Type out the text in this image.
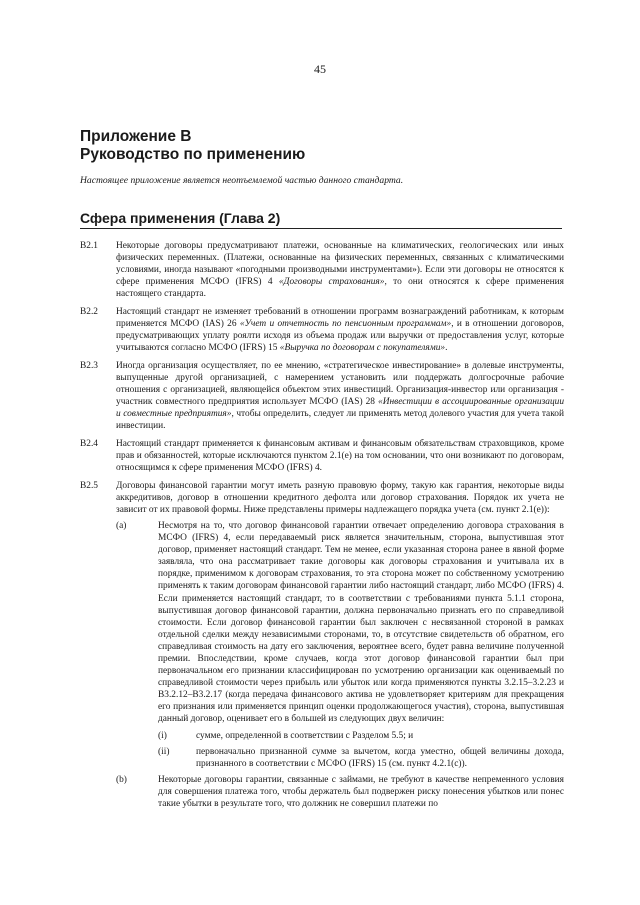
45
Приложение В
Руководство по применению
Настоящее приложение является неотъемлемой частью данного стандарта.
Сфера применения (Глава 2)
B2.1	Некоторые договоры предусматривают платежи, основанные на климатических, геологических или иных физических переменных. (Платежи, основанные на физических переменных, связанных с климатическими условиями, иногда называют «погодными производными инструментами»). Если эти договоры не относятся к сфере применения МСФО (IFRS) 4 «Договоры страхования», то они относятся к сфере применения настоящего стандарта.
B2.2	Настоящий стандарт не изменяет требований в отношении программ вознаграждений работникам, к которым применяется МСФО (IAS) 26 «Учет и отчетность по пенсионным программам», и в отношении договоров, предусматривающих уплату роялти исходя из объема продаж или выручки от предоставления услуг, которые учитываются согласно МСФО (IFRS) 15 «Выручка по договорам с покупателями».
B2.3	Иногда организация осуществляет, по ее мнению, «стратегическое инвестирование» в долевые инструменты, выпущенные другой организацией, с намерением установить или поддержать долгосрочные рабочие отношения с организацией, являющейся объектом этих инвестиций. Организация-инвестор или организация - участник совместного предприятия использует МСФО (IAS) 28 «Инвестиции в ассоциированные организации и совместные предприятия», чтобы определить, следует ли применять метод долевого участия для учета такой инвестиции.
B2.4	Настоящий стандарт применяется к финансовым активам и финансовым обязательствам страховщиков, кроме прав и обязанностей, которые исключаются пунктом 2.1(е) на том основании, что они возникают по договорам, относящимся к сфере применения МСФО (IFRS) 4.
B2.5	Договоры финансовой гарантии могут иметь разную правовую форму, такую как гарантия, некоторые виды аккредитивов, договор в отношении кредитного дефолта или договор страхования. Порядок их учета не зависит от их правовой формы. Ниже представлены примеры надлежащего порядка учета (см. пункт 2.1(е)):
(a)	Несмотря на то, что договор финансовой гарантии отвечает определению договора страхования в МСФО (IFRS) 4, если передаваемый риск является значительным, сторона, выпустившая этот договор, применяет настоящий стандарт. Тем не менее, если указанная сторона ранее в явной форме заявляла, что она рассматривает такие договоры как договоры страхования и учитывала их в порядке, применимом к договорам страхования, то эта сторона может по собственному усмотрению применять к таким договорам финансовой гарантии либо настоящий стандарт, либо МСФО (IFRS) 4. Если применяется настоящий стандарт, то в соответствии с требованиями пункта 5.1.1 сторона, выпустившая договор финансовой гарантии, должна первоначально признать его по справедливой стоимости. Если договор финансовой гарантии был заключен с несвязанной стороной в рамках отдельной сделки между независимыми сторонами, то, в отсутствие свидетельств об обратном, его справедливая стоимость на дату его заключения, вероятнее всего, будет равна величине полученной премии. Впоследствии, кроме случаев, когда этот договор финансовой гарантии был при первоначальном его признании классифицирован по усмотрению организации как оцениваемый по справедливой стоимости через прибыль или убыток или когда применяются пункты 3.2.15–3.2.23 и B3.2.12–B3.2.17 (когда передача финансового актива не удовлетворяет критериям для прекращения его признания или применяется принцип оценки продолжающегося участия), сторона, выпустившая данный договор, оценивает его в большей из следующих двух величин:
(i)	сумме, определенной в соответствии с Разделом 5.5; и
(ii)	первоначально признанной сумме за вычетом, когда уместно, общей величины дохода, признанного в соответствии с МСФО (IFRS) 15 (см. пункт 4.2.1(с)).
(b)	Некоторые договоры гарантии, связанные с займами, не требуют в качестве непременного условия для совершения платежа того, чтобы держатель был подвержен риску понесения убытков или понес такие убытки в результате того, что должник не совершил платежи по
